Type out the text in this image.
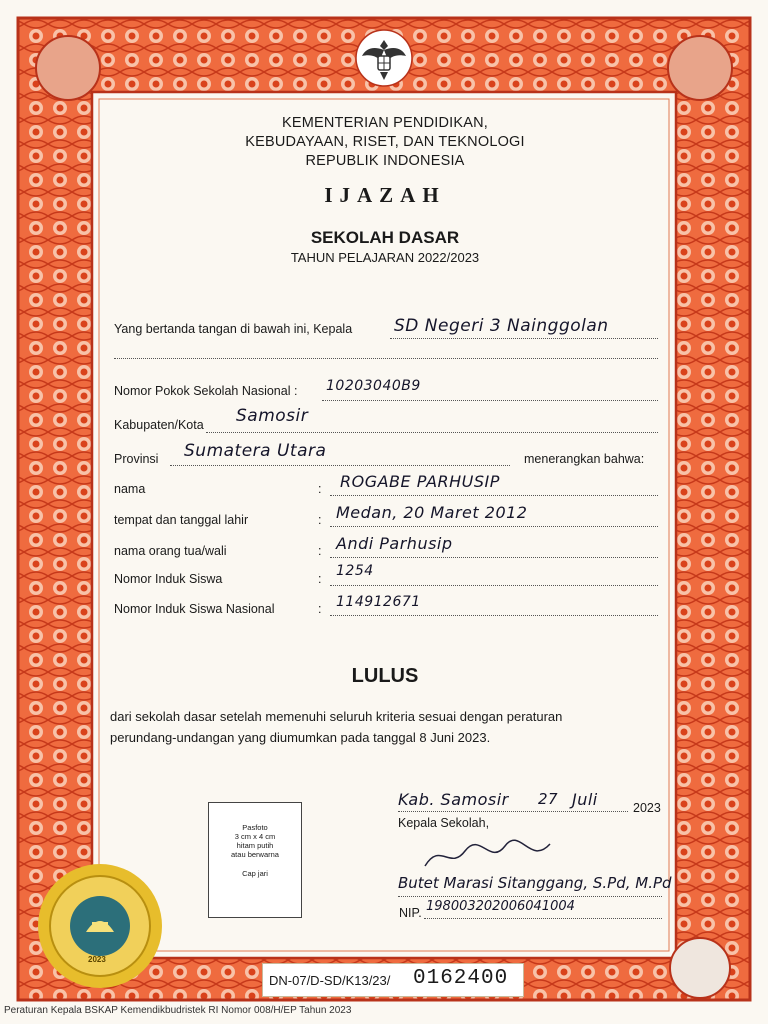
KEMENTERIAN PENDIDIKAN,
KEBUDAYAAN, RISET, DAN TEKNOLOGI
REPUBLIK INDONESIA
IJAZAH
SEKOLAH DASAR
TAHUN PELAJARAN 2022/2023
Yang bertanda tangan di bawah ini, Kepala SD Negeri 3 Nainggolan
Nomor Pokok Sekolah Nasional : 10203040B9
Kabupaten/Kota Samosir
Provinsi Sumatera Utara	menerangkan bahwa:
nama	: ROGABE PARHUSIP
tempat dan tanggal lahir	: Medan, 20 Maret 2012
nama orang tua/wali	: Andi Parhusip
Nomor Induk Siswa	: 1254
Nomor Induk Siswa Nasional	: 114912671
LULUS
dari sekolah dasar setelah memenuhi seluruh kriteria sesuai dengan peraturan
perundang-undangan yang diumumkan pada tanggal 8 Juni 2023.
Pasfoto
3 cm x 4 cm
hitam putih
atau berwarna
Cap jari
Kab. Samosir 27 Juli	2023
Kepala Sekolah,
Butet Marasi Sitanggang, S.Pd, M.Pd
NIP. 198003202006041004
2023
DN-07/D-SD/K13/23/ 0162400
Peraturan Kepala BSKAP Kemendikbudristek RI Nomor 008/H/EP Tahun 2023
